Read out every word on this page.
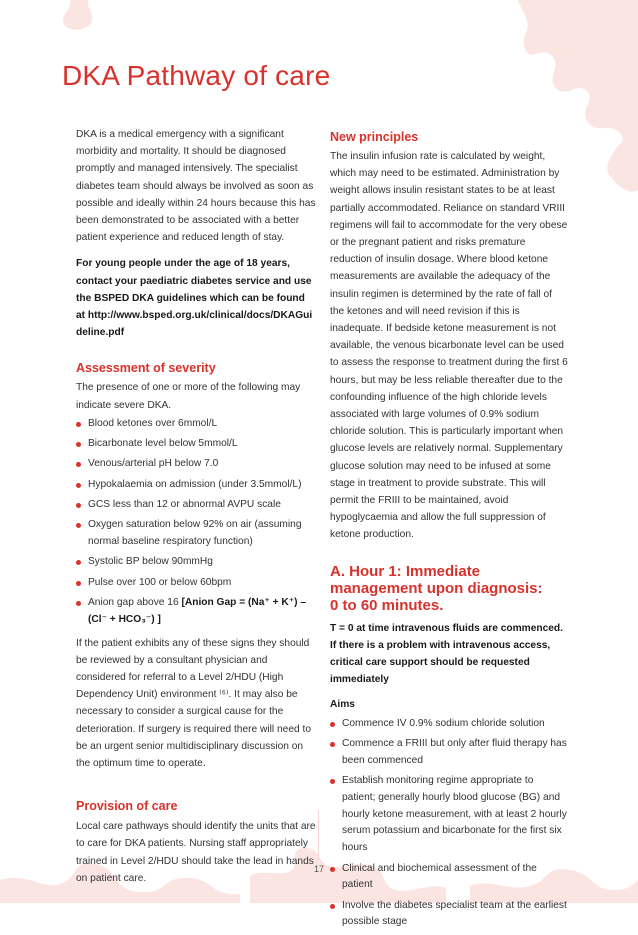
DKA Pathway of care

DKA is a medical emergency with a significant morbidity and mortality. It should be diagnosed promptly and managed intensively. The specialist diabetes team should always be involved as soon as possible and ideally within 24 hours because this has been demonstrated to be associated with a better patient experience and reduced length of stay.

For young people under the age of 18 years, contact your paediatric diabetes service and use the BSPED DKA guidelines which can be found at http://www.bsped.org.uk/clinical/docs/DKAGuideline.pdf

Assessment of severity

The presence of one or more of the following may indicate severe DKA.

Blood ketones over 6mmol/L
Bicarbonate level below 5mmol/L
Venous/arterial pH below 7.0
Hypokalaemia on admission (under 3.5mmol/L)
GCS less than 12 or abnormal AVPU scale
Oxygen saturation below 92% on air (assuming normal baseline respiratory function)
Systolic BP below 90mmHg
Pulse over 100 or below 60bpm
Anion gap above 16 [Anion Gap = (Na⁺ + K⁺) – (Cl⁻ + HCO₃⁻) ]

If the patient exhibits any of these signs they should be reviewed by a consultant physician and considered for referral to a Level 2/HDU (High Dependency Unit) environment ⁽⁶⁾. It may also be necessary to consider a surgical cause for the deterioration. If surgery is required there will need to be an urgent senior multidisciplinary discussion on the optimum time to operate.

Provision of care

Local care pathways should identify the units that are to care for DKA patients. Nursing staff appropriately trained in Level 2/HDU should take the lead in hands on patient care.

New principles

The insulin infusion rate is calculated by weight, which may need to be estimated. Administration by weight allows insulin resistant states to be at least partially accommodated. Reliance on standard VRIII regimens will fail to accommodate for the very obese or the pregnant patient and risks premature reduction of insulin dosage. Where blood ketone measurements are available the adequacy of the insulin regimen is determined by the rate of fall of the ketones and will need revision if this is inadequate. If bedside ketone measurement is not available, the venous bicarbonate level can be used to assess the response to treatment during the first 6 hours, but may be less reliable thereafter due to the confounding influence of the high chloride levels associated with large volumes of 0.9% sodium chloride solution. This is particularly important when glucose levels are relatively normal. Supplementary glucose solution may need to be infused at some stage in treatment to provide substrate. This will permit the FRIII to be maintained, avoid hypoglycaemia and allow the full suppression of ketone production.

A. Hour 1: Immediate
management upon diagnosis:
0 to 60 minutes.

T = 0 at time intravenous fluids are commenced. If there is a problem with intravenous access, critical care support should be requested immediately

Aims

Commence IV 0.9% sodium chloride solution
Commence a FRIII but only after fluid therapy has been commenced
Establish monitoring regime appropriate to patient; generally hourly blood glucose (BG) and hourly ketone measurement, with at least 2 hourly serum potassium and bicarbonate for the first six hours
Clinical and biochemical assessment of the patient
Involve the diabetes specialist team at the earliest possible stage
17
